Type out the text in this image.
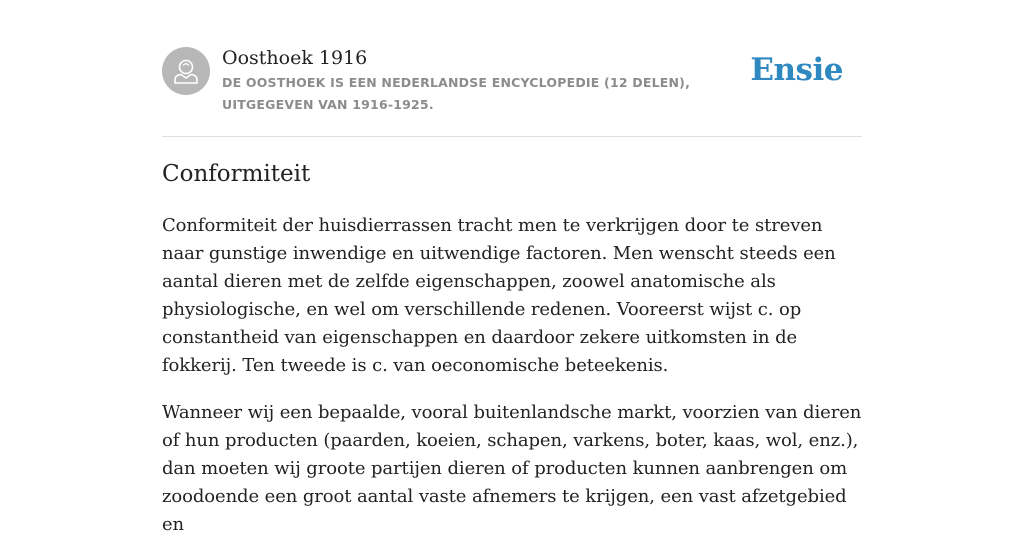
Oosthoek 1916
DE OOSTHOEK IS EEN NEDERLANDSE ENCYCLOPEDIE (12 DELEN), UITGEGEVEN VAN 1916-1925.
Ensie
Conformiteit

Conformiteit der huisdierrassen tracht men te verkrijgen door te streven naar gunstige inwendige en uitwendige factoren. Men wenscht steeds een aantal dieren met de zelfde eigenschappen, zoowel anatomische als physiologische, en wel om verschillende redenen. Vooreerst wijst c. op constantheid van eigenschappen en daardoor zekere uitkomsten in de fokkerij. Ten tweede is c. van oeconomische beteekenis.

Wanneer wij een bepaalde, vooral buitenlandsche markt, voorzien van dieren of hun producten (paarden, koeien, schapen, varkens, boter, kaas, wol, enz.), dan moeten wij groote partijen dieren of producten kunnen aanbrengen om zoodoende een groot aantal vaste afnemers te krijgen, een vast afzetgebied en
